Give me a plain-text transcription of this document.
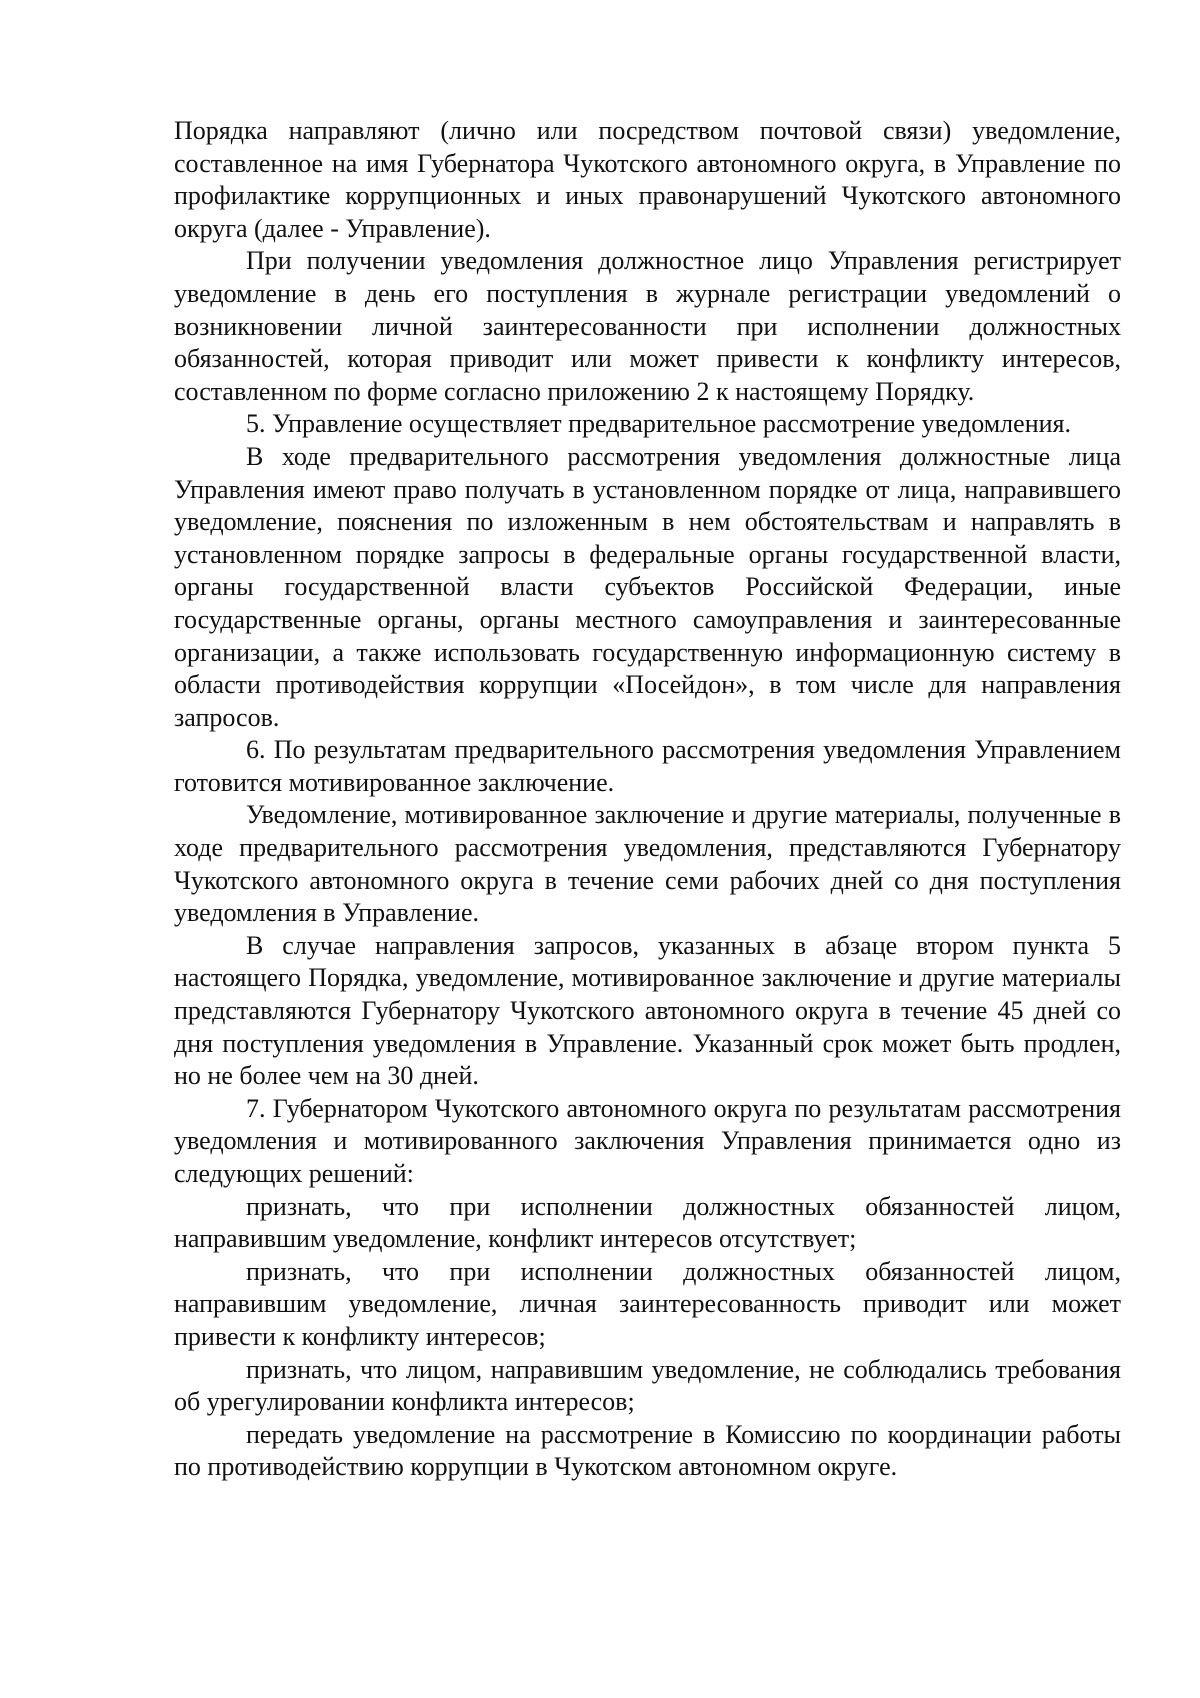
Порядка направляют (лично или посредством почтовой связи) уведомление, составленное на имя Губернатора Чукотского автономного округа, в Управление по профилактике коррупционных и иных правонарушений Чукотского автономного округа (далее - Управление).

При получении уведомления должностное лицо Управления регистрирует уведомление в день его поступления в журнале регистрации уведомлений о возникновении личной заинтересованности при исполнении должностных обязанностей, которая приводит или может привести к конфликту интересов, составленном по форме согласно приложению 2 к настоящему Порядку.

5. Управление осуществляет предварительное рассмотрение уведомления.

В ходе предварительного рассмотрения уведомления должностные лица Управления имеют право получать в установленном порядке от лица, направившего уведомление, пояснения по изложенным в нем обстоятельствам и направлять в установленном порядке запросы в федеральные органы государственной власти, органы государственной власти субъектов Российской Федерации, иные государственные органы, органы местного самоуправления и заинтересованные организации, а также использовать государственную информационную систему в области противодействия коррупции «Посейдон», в том числе для направления запросов.

6. По результатам предварительного рассмотрения уведомления Управлением готовится мотивированное заключение.

Уведомление, мотивированное заключение и другие материалы, полученные в ходе предварительного рассмотрения уведомления, представляются Губернатору Чукотского автономного округа в течение семи рабочих дней со дня поступления уведомления в Управление.

В случае направления запросов, указанных в абзаце втором пункта 5 настоящего Порядка, уведомление, мотивированное заключение и другие материалы представляются Губернатору Чукотского автономного округа в течение 45 дней со дня поступления уведомления в Управление. Указанный срок может быть продлен, но не более чем на 30 дней.

7. Губернатором Чукотского автономного округа по результатам рассмотрения уведомления и мотивированного заключения Управления принимается одно из следующих решений:

признать, что при исполнении должностных обязанностей лицом, направившим уведомление, конфликт интересов отсутствует;

признать, что при исполнении должностных обязанностей лицом, направившим уведомление, личная заинтересованность приводит или может привести к конфликту интересов;

признать, что лицом, направившим уведомление, не соблюдались требования об урегулировании конфликта интересов;

передать уведомление на рассмотрение в Комиссию по координации работы по противодействию коррупции в Чукотском автономном округе.
